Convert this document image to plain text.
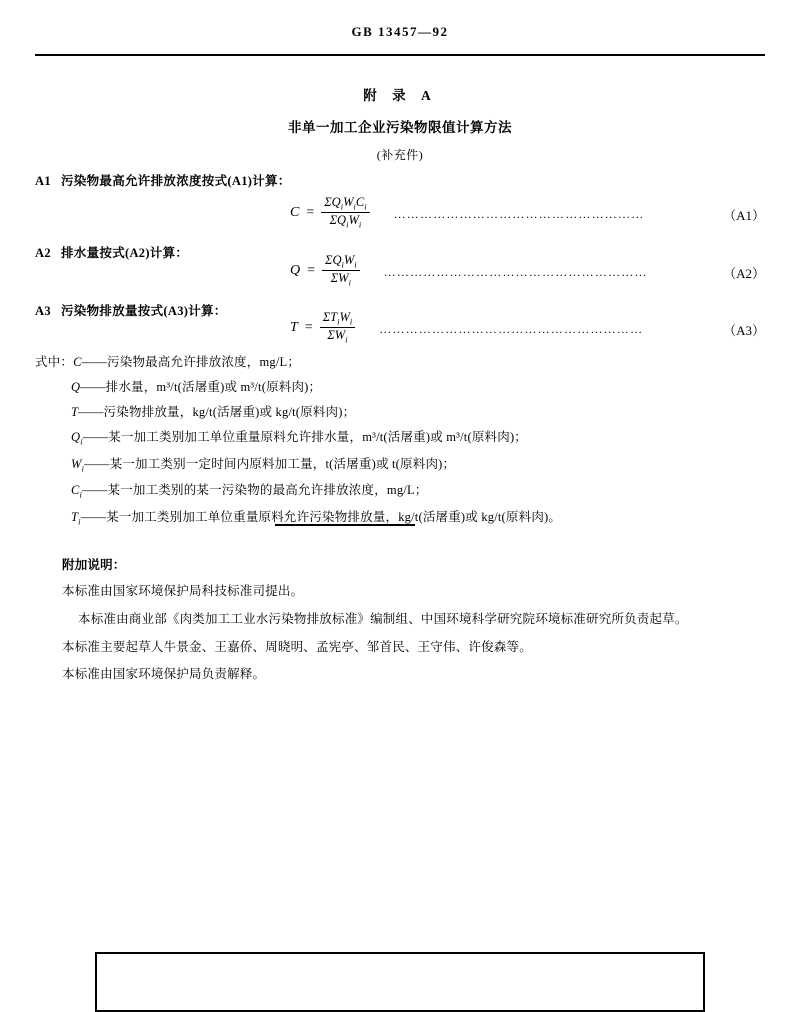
GB 13457—92
附 录 A
非单一加工企业污染物限值计算方法
(补充件)
A1 污染物最高允许排放浓度按式(A1)计算：
$C = \frac{\Sigma Q_iW_iC_i}{\Sigma Q_iW_i}$	…………………………………………………	（A1）
A2 排水量按式(A2)计算：
$Q = \frac{\Sigma Q_iW_i}{\Sigma W_i}$	……………………………………………………	（A2）
A3 污染物排放量按式(A3)计算：
$T = \frac{\Sigma T_iW_i}{\Sigma W_i}$	……………………………………………………	（A3）
式中：C——污染物最高允许排放浓度，mg/L；
Q——排水量，m³/t(活屠重)或 m³/t(原料肉)；
T——污染物排放量，kg/t(活屠重)或 kg/t(原料肉)；
$Q_i——$某一加工类别加工单位重量原料允许排水量，m³/t(活屠重)或 m³/t(原料肉)；
$W_i——$某一加工类别一定时间内原料加工量，t(活屠重)或 t(原料肉)；
$C_i——$某一加工类别的某一污染物的最高允许排放浓度，mg/L；
$T_i——$某一加工类别加工单位重量原料允许污染物排放量，kg/t(活屠重)或 kg/t(原料肉)。
附加说明：

本标准由国家环境保护局科技标准司提出。

本标准由商业部《肉类加工工业水污染物排放标准》编制组、中国环境科学研究院环境标准研究所负责起草。

本标准主要起草人牛景金、王嘉侨、周晓明、孟宪亭、邹首民、王守伟、许俊森等。

本标准由国家环境保护局负责解释。
